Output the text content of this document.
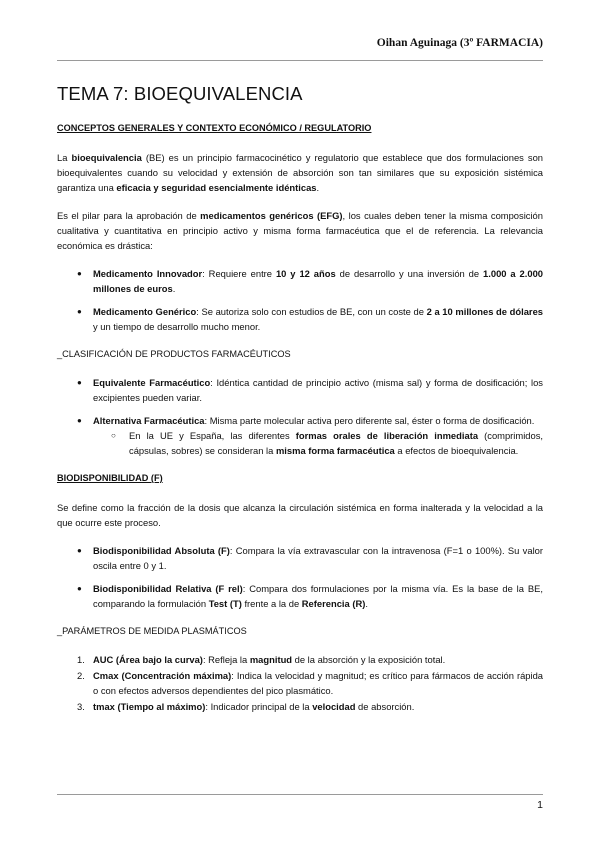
Oihan Aguinaga (3º FARMACIA)
TEMA 7: BIOEQUIVALENCIA
CONCEPTOS GENERALES Y CONTEXTO ECONÓMICO / REGULATORIO

La bioequivalencia (BE) es un principio farmacocinético y regulatorio que establece que dos formulaciones son bioequivalentes cuando su velocidad y extensión de absorción son tan similares que su exposición sistémica garantiza una eficacia y seguridad esencialmente idénticas.

Es el pilar para la aprobación de medicamentos genéricos (EFG), los cuales deben tener la misma composición cualitativa y cuantitativa en principio activo y misma forma farmacéutica que el de referencia. La relevancia económica es drástica:

● Medicamento Innovador: Requiere entre 10 y 12 años de desarrollo y una inversión de 1.000 a 2.000 millones de euros.
● Medicamento Genérico: Se autoriza solo con estudios de BE, con un coste de 2 a 10 millones de dólares y un tiempo de desarrollo mucho menor.
_CLASIFICACIÓN DE PRODUCTOS FARMACÉUTICOS
● Equivalente Farmacéutico: Idéntica cantidad de principio activo (misma sal) y forma de dosificación; los excipientes pueden variar.
● Alternativa Farmacéutica: Misma parte molecular activa pero diferente sal, éster o forma de dosificación.
○ En la UE y España, las diferentes formas orales de liberación inmediata (comprimidos, cápsulas, sobres) se consideran la misma forma farmacéutica a efectos de bioequivalencia.
BIODISPONIBILIDAD (F)

Se define como la fracción de la dosis que alcanza la circulación sistémica en forma inalterada y la velocidad a la que ocurre este proceso.

● Biodisponibilidad Absoluta (F): Compara la vía extravascular con la intravenosa (F=1 o 100%). Su valor oscila entre 0 y 1.
● Biodisponibilidad Relativa (F rel): Compara dos formulaciones por la misma vía. Es la base de la BE, comparando la formulación Test (T) frente a la de Referencia (R).
_PARÁMETROS DE MEDIDA PLASMÁTICOS
1. AUC (Área bajo la curva): Refleja la magnitud de la absorción y la exposición total.
2. Cmax (Concentración máxima): Indica la velocidad y magnitud; es crítico para fármacos de acción rápida o con efectos adversos dependientes del pico plasmático.
3. tmax (Tiempo al máximo): Indicador principal de la velocidad de absorción.
1
